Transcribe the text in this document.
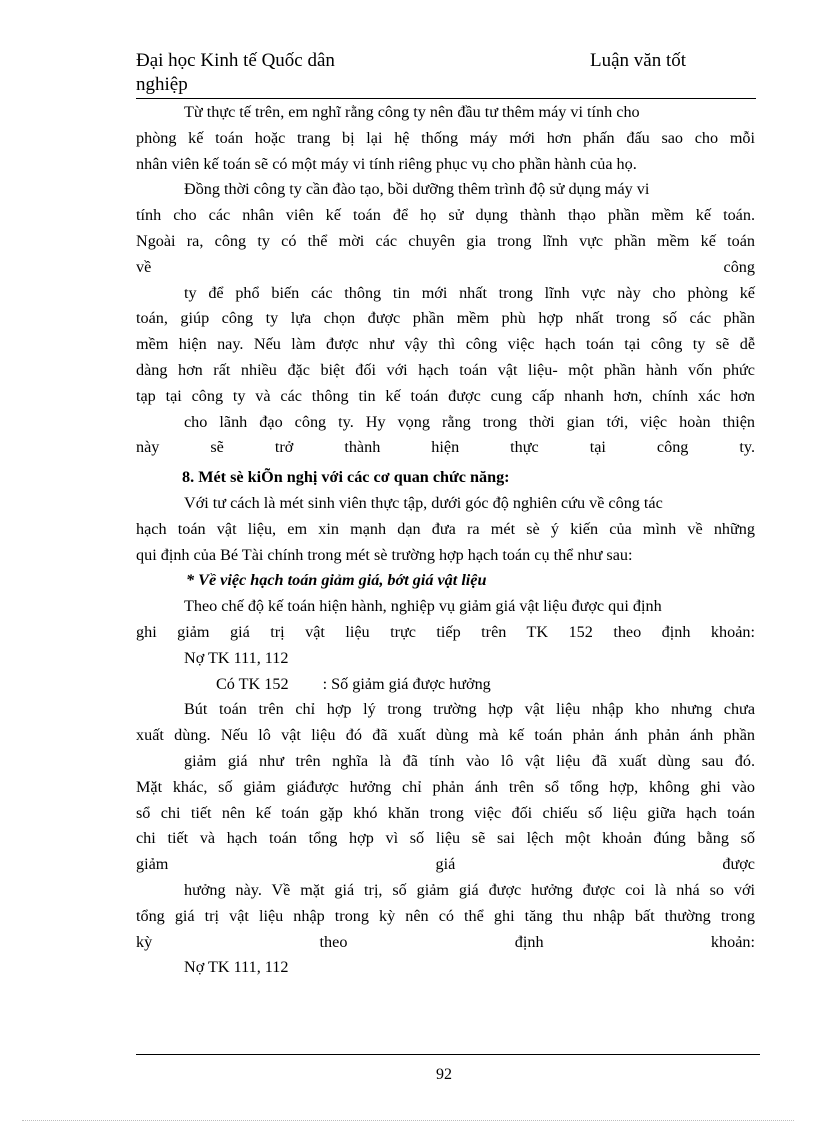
Đại học Kinh tế Quốc dân	Luận văn tốt
nghiệp
Từ thực tế trên, em nghĩ rằng công ty nên đầu tư thêm máy vi tính cho
phòng kế toán hoặc trang bị lại hệ thống máy mới hơn phấn đấu sao cho mỗi
nhân viên kế toán sẽ có một máy vi tính riêng phục vụ cho phần hành của họ.
Đồng thời công ty cần đào tạo, bồi dưỡng thêm trình độ sử dụng máy vi
tính cho các nhân viên kế toán để họ sử dụng thành thạo phần mềm kế toán.
Ngoài ra, công ty có thể mời các chuyên gia trong lĩnh vực phần mềm kế toán
về công
ty để phổ biến các thông tin mới nhất trong lĩnh vực này cho phòng kế
toán, giúp công ty lựa chọn được phần mềm phù hợp nhất trong số các phần
mềm hiện nay. Nếu làm được như vậy thì công việc hạch toán tại công ty sẽ dễ
dàng hơn rất nhiều đặc biệt đối với hạch toán vật liệu- một phần hành vốn phức
tạp tại công ty và các thông tin kế toán được cung cấp nhanh hơn, chính xác hơn
cho lãnh đạo công ty. Hy vọng rằng trong thời gian tới, việc hoàn thiện
này sẽ trở thành hiện thực tại công ty.
8. Mét sè kiÕn nghị với các cơ quan chức năng:
Với tư cách là mét sinh viên thực tập, dưới góc độ nghiên cứu về công tác
hạch toán vật liệu, em xin mạnh dạn đưa ra mét sè ý kiến của mình về những
qui định của Bé Tài chính trong mét sè trường hợp hạch toán cụ thể như sau:
* Về việc hạch toán giảm giá, bớt giá vật liệu
Theo chế độ kế toán hiện hành, nghiệp vụ giảm giá vật liệu được qui định
ghi giảm giá trị vật liệu trực tiếp trên TK 152 theo định khoản:
Nợ TK 111, 112
Có TK 152 : Số giảm giá được hưởng
Bút toán trên chỉ hợp lý trong trường hợp vật liệu nhập kho nhưng chưa
xuất dùng. Nếu lô vật liệu đó đã xuất dùng mà kế toán phản ánh phản ánh phần
giảm giá như trên nghĩa là đã tính vào lô vật liệu đã xuất dùng sau đó.
Mặt khác, số giảm giáđược hưởng chỉ phản ánh trên sổ tổng hợp, không ghi vào
sổ chi tiết nên kế toán gặp khó khăn trong việc đối chiếu số liệu giữa hạch toán
chi tiết và hạch toán tổng hợp vì số liệu sẽ sai lệch một khoản đúng bằng số
giảm giá được
hưởng này. Về mặt giá trị, số giảm giá được hưởng được coi là nhá so với
tổng giá trị vật liệu nhập trong kỳ nên có thể ghi tăng thu nhập bất thường trong
kỳ theo định khoản:
Nợ TK 111, 112
92
